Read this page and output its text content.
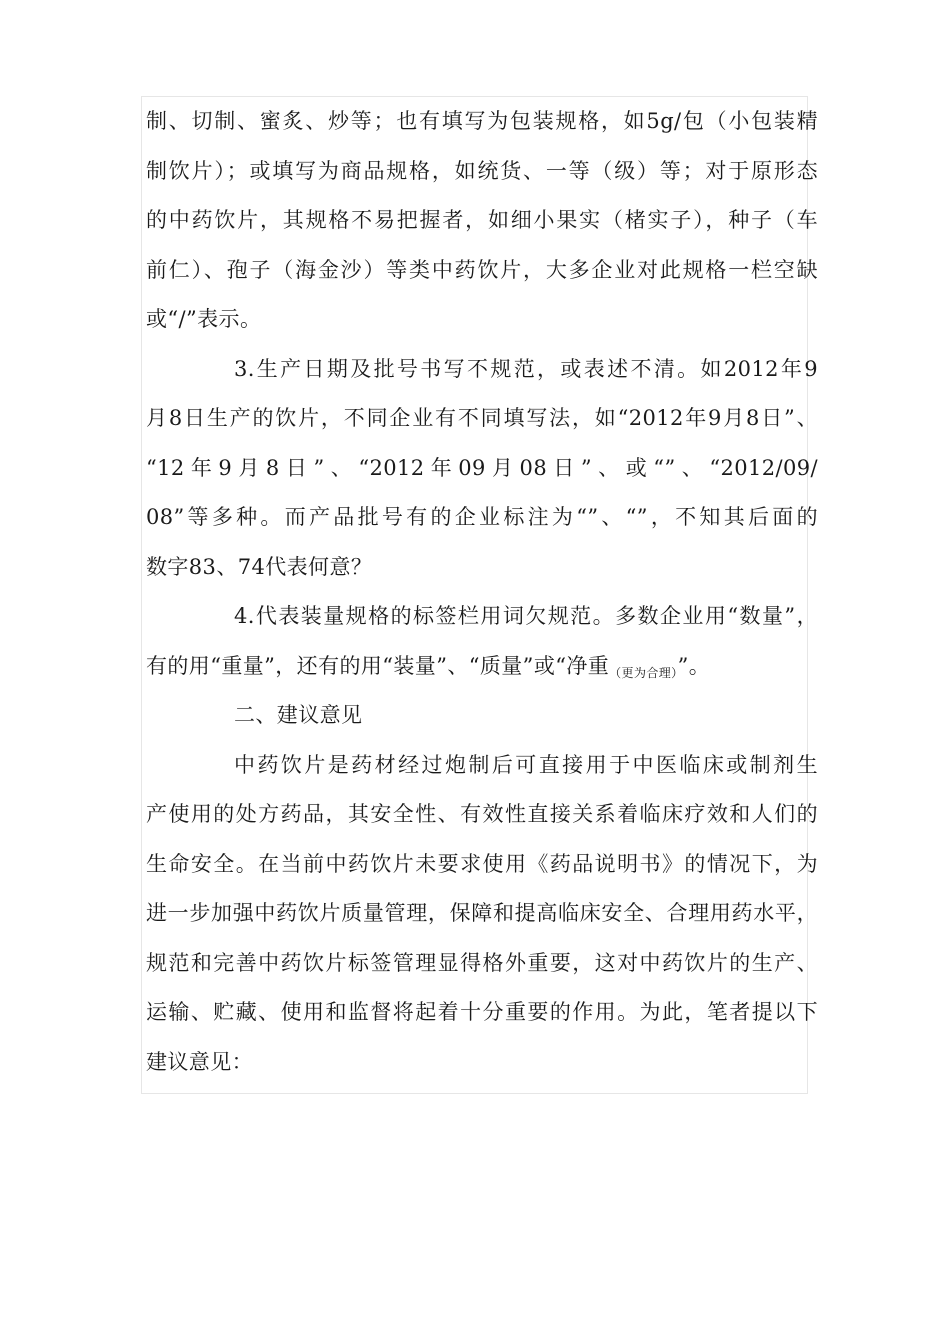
制、切制、蜜炙、炒等；也有填写为包装规格，如5g/包（小包装精
制饮片）；或填写为商品规格，如统货、一等（级）等；对于原形态
的中药饮片，其规格不易把握者，如细小果实（楮实子），种子（车
前仁）、孢子（海金沙）等类中药饮片，大多企业对此规格一栏空缺
或“/”表示。
3.生产日期及批号书写不规范，或表述不清。如2012年9
月8日生产的饮片，不同企业有不同填写法，如“2012年9月8日”、
“12年9月8日”、“2012年09月08日”、或“”、“2012/09/
08”等多种。而产品批号有的企业标注为“”、“”，不知其后面的
数字83、74代表何意？
4.代表装量规格的标签栏用词欠规范。多数企业用“数量”，
有的用“重量”，还有的用“装量”、“质量”或“净重（更为合理）”。
二、建议意见
中药饮片是药材经过炮制后可直接用于中医临床或制剂生
产使用的处方药品，其安全性、有效性直接关系着临床疗效和人们的
生命安全。在当前中药饮片未要求使用《药品说明书》的情况下，为
进一步加强中药饮片质量管理，保障和提高临床安全、合理用药水平，
规范和完善中药饮片标签管理显得格外重要，这对中药饮片的生产、
运输、贮藏、使用和监督将起着十分重要的作用。为此，笔者提以下
建议意见：
